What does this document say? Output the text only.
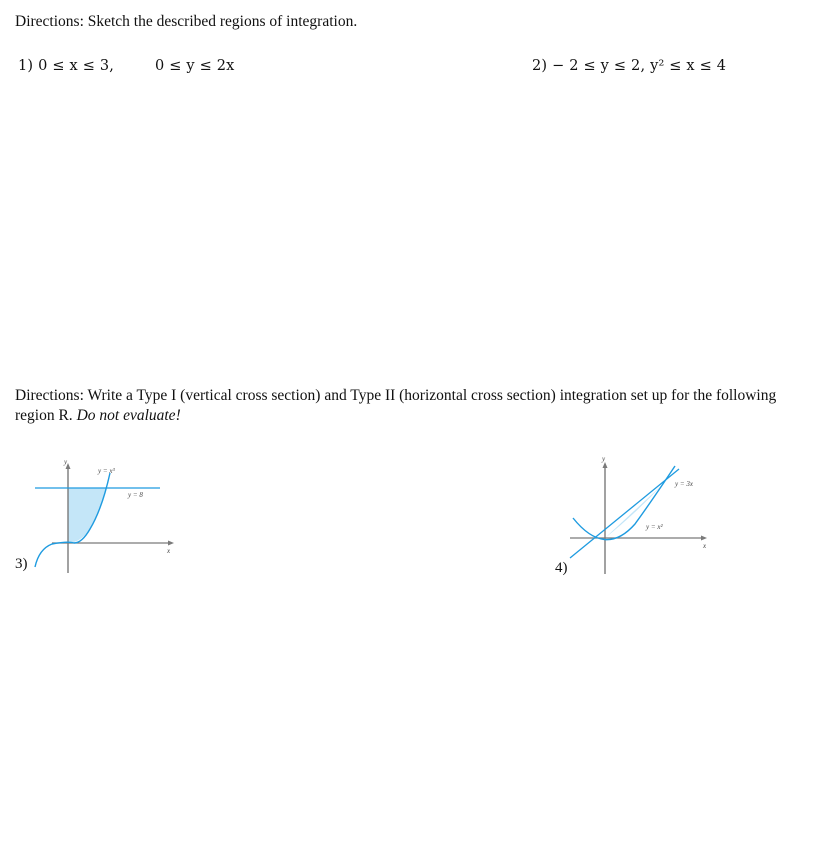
Directions: Sketch the described regions of integration.
1) 0 ≤ x ≤ 3,	0 ≤ y ≤ 2x	2) − 2 ≤ y ≤ 2, y² ≤ x ≤ 4
Directions: Write a Type I (vertical cross section) and Type II (horizontal cross section) integration set up for the following region R. Do not evaluate!
3)	4)
y
x
y = x³
y = 8
y
x
y = 3x
y = x²
